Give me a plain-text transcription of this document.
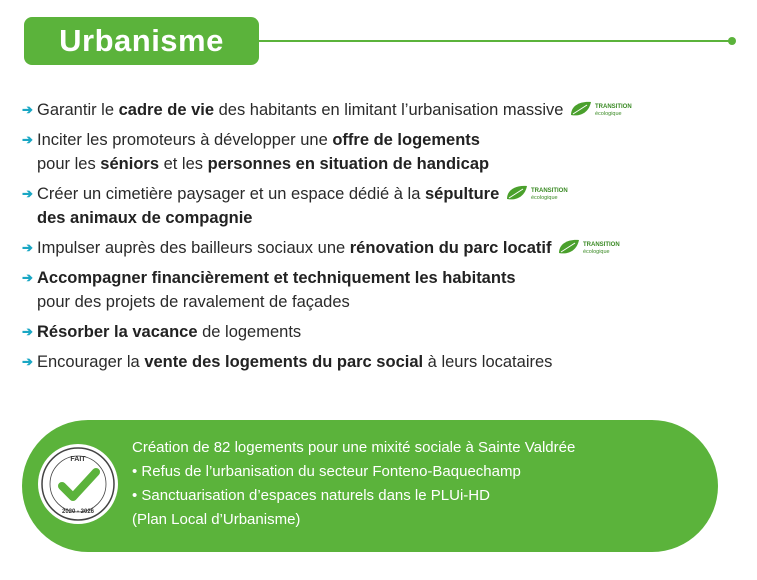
Urbanisme
➔ Garantir le cadre de vie des habitants en limitant l’urbanisation massive	TRANSITION
écologique
➔ Inciter les promoteurs à développer une offre de logements
pour les séniors et les personnes en situation de handicap
➔ Créer un cimetière paysager et un espace dédié à la sépulture	TRANSITION
écologique
des animaux de compagnie
➔ Impulser auprès des bailleurs sociaux une rénovation du parc locatif	TRANSITION
écologique
➔ Accompagner financièrement et techniquement les habitants
pour des projets de ravalement de façades
➔ Résorber la vacance de logements
➔ Encourager la vente des logements du parc social à leurs locataires
FAIT
2020 - 2026
Création de 82 logements pour une mixité sociale à Sainte Valdrée
• Refus de l’urbanisation du secteur Fonteno-Baquechamp
• Sanctuarisation d’espaces naturels dans le PLUi-HD
(Plan Local d’Urbanisme)
